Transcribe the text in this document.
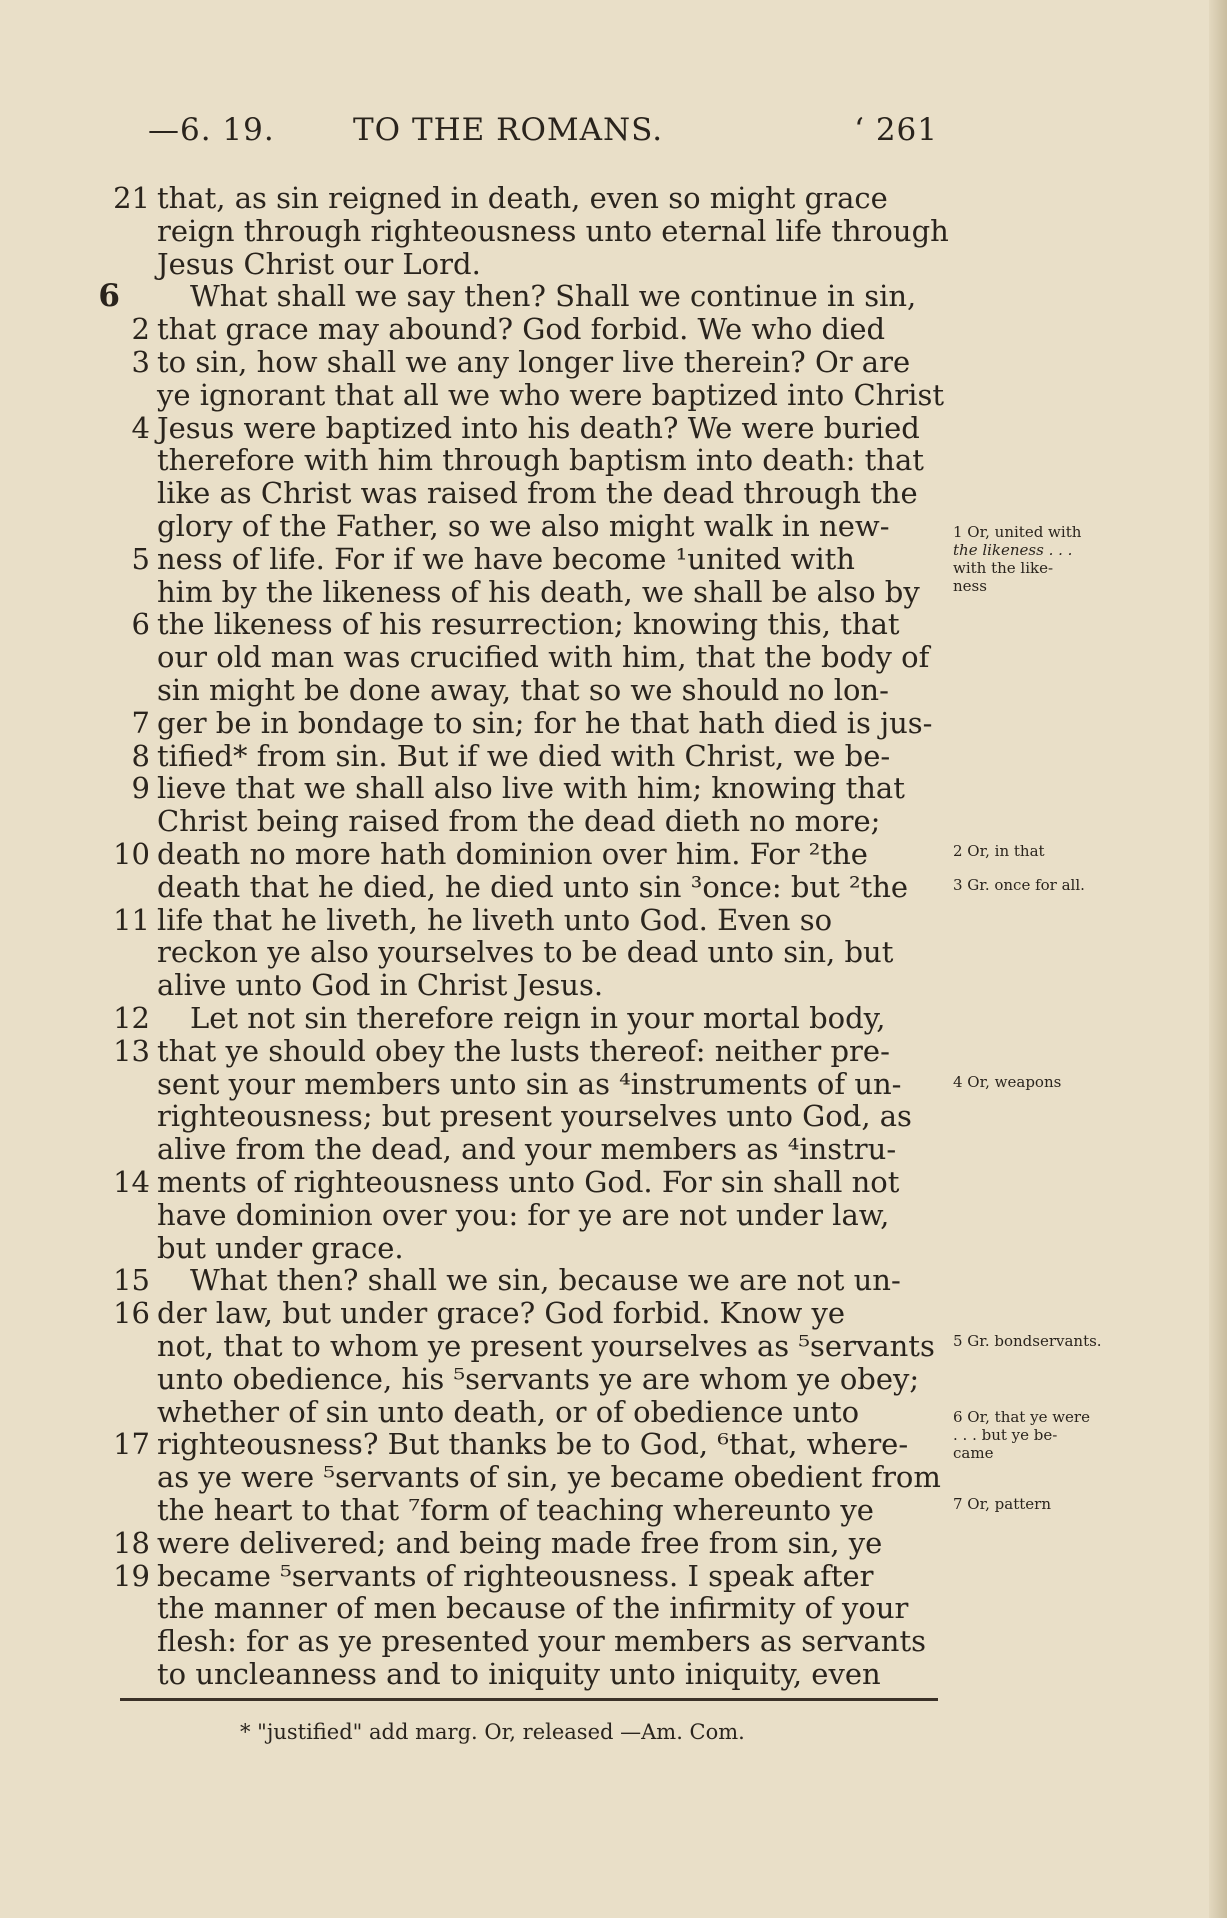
—6. 19.	TO THE ROMANS.	ʻ 261
21 that, as sin reigned in death, even so might grace
reign through righteousness unto eternal life through
Jesus Christ our Lord.
6 What shall we say then? Shall we continue in sin,
2 that grace may abound? God forbid. We who died
3 to sin, how shall we any longer live therein? Or are
ye ignorant that all we who were baptized into Christ
4 Jesus were baptized into his death? We were buried
therefore with him through baptism into death: that
like as Christ was raised from the dead through the
glory of the Father, so we also might walk in new-
5 ness of life. For if we have become ¹united with
him by the likeness of his death, we shall be also by
6 the likeness of his resurrection; knowing this, that
our old man was crucified with him, that the body of
sin might be done away, that so we should no lon-
7 ger be in bondage to sin; for he that hath died is jus-
8 tified* from sin. But if we died with Christ, we be-
9 lieve that we shall also live with him; knowing that
Christ being raised from the dead dieth no more;
10 death no more hath dominion over him. For ²the
death that he died, he died unto sin ³once: but ²the
11 life that he liveth, he liveth unto God. Even so
reckon ye also yourselves to be dead unto sin, but
alive unto God in Christ Jesus.
12 Let not sin therefore reign in your mortal body,
13 that ye should obey the lusts thereof: neither pre-
sent your members unto sin as ⁴instruments of un-
righteousness; but present yourselves unto God, as
alive from the dead, and your members as ⁴instru-
14 ments of righteousness unto God. For sin shall not
have dominion over you: for ye are not under law,
but under grace.
15 What then? shall we sin, because we are not un-
16 der law, but under grace? God forbid. Know ye
not, that to whom ye present yourselves as ⁵servants
unto obedience, his ⁵servants ye are whom ye obey;
whether of sin unto death, or of obedience unto
17 righteousness? But thanks be to God, ⁶that, where-
as ye were ⁵servants of sin, ye became obedient from
the heart to that ⁷form of teaching whereunto ye
18 were delivered; and being made free from sin, ye
19 became ⁵servants of righteousness. I speak after
the manner of men because of the infirmity of your
flesh: for as ye presented your members as servants
to uncleanness and to iniquity unto iniquity, even
1 Or, united with
the likeness . . .
with the like-
ness
2 Or, in that
3 Gr. once for all.
4 Or, weapons
5 Gr. bondservants.
6 Or, that ye were
. . . but ye be-
came
7 Or, pattern
* "justified" add marg. Or, released —Am. Com.
